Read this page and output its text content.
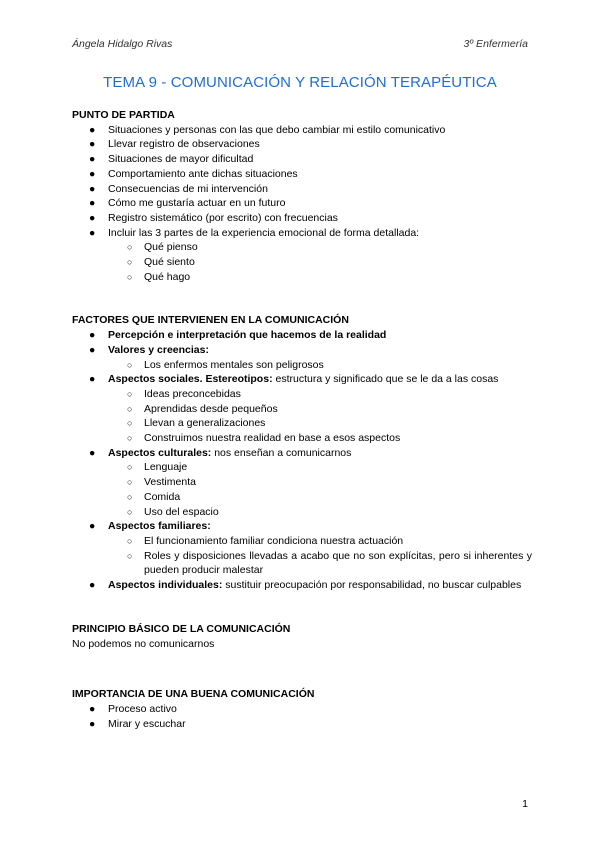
Ángela Hidalgo Rivas	3º Enfermería
TEMA 9 - COMUNICACIÓN Y RELACIÓN TERAPÉUTICA
PUNTO DE PARTIDA
● Situaciones y personas con las que debo cambiar mi estilo comunicativo
● Llevar registro de observaciones
● Situaciones de mayor dificultad
● Comportamiento ante dichas situaciones
● Consecuencias de mi intervención
● Cómo me gustaría actuar en un futuro
● Registro sistemático (por escrito) con frecuencias
● Incluir las 3 partes de la experiencia emocional de forma detallada:
○ Qué pienso
○ Qué siento
○ Qué hago
FACTORES QUE INTERVIENEN EN LA COMUNICACIÓN
● Percepción e interpretación que hacemos de la realidad
● Valores y creencias:
○ Los enfermos mentales son peligrosos
● Aspectos sociales. Estereotipos: estructura y significado que se le da a las cosas
○ Ideas preconcebidas
○ Aprendidas desde pequeños
○ Llevan a generalizaciones
○ Construimos nuestra realidad en base a esos aspectos
● Aspectos culturales: nos enseñan a comunicarnos
○ Lenguaje
○ Vestimenta
○ Comida
○ Uso del espacio
● Aspectos familiares:
○ El funcionamiento familiar condiciona nuestra actuación
○ Roles y disposiciones llevadas a acabo que no son explícitas, pero si inherentes y pueden producir malestar
● Aspectos individuales: sustituir preocupación por responsabilidad, no buscar culpables
PRINCIPIO BÁSICO DE LA COMUNICACIÓN
No podemos no comunicarnos
IMPORTANCIA DE UNA BUENA COMUNICACIÓN
● Proceso activo
● Mirar y escuchar
1
